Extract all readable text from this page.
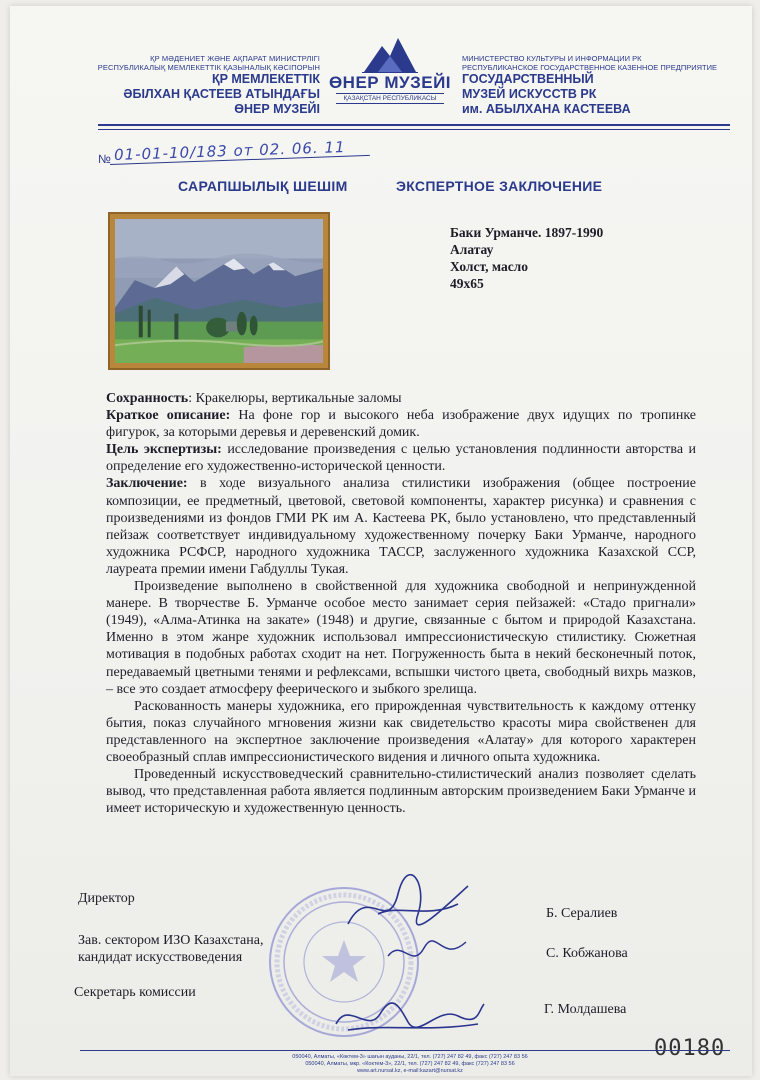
ҚР МӘДЕНИЕТ ЖӘНЕ АҚПАРАТ МИНИСТРЛІГІ
РЕСПУБЛИКАЛЫҚ МЕМЛЕКЕТТІК ҚАЗЫНАЛЫҚ КӘСІПОРЫН
ҚР МЕМЛЕКЕТТІК
ӘБІЛХАН ҚАСТЕЕВ АТЫНДАҒЫ
ӨНЕР МУЗЕЙІ
ӨНЕР МУЗЕЙІ
ҚАЗАҚСТАН РЕСПУБЛИКАСЫ
МИНИСТЕРСТВО КУЛЬТУРЫ И ИНФОРМАЦИИ РК
РЕСПУБЛИКАНСКОЕ ГОСУДАРСТВЕННОЕ КАЗЕННОЕ ПРЕДПРИЯТИЕ
ГОСУДАРСТВЕННЫЙ
МУЗЕЙ ИСКУССТВ РК
им. АБЫЛХАНА КАСТЕЕВА
№ 01-01-10/183 от 02. 06. 11
САРАПШЫЛЫҚ ШЕШІМ	ЭКСПЕРТНОЕ ЗАКЛЮЧЕНИЕ
Баки Урманче. 1897-1990
Алатау
Холст, масло
49х65

Сохранность: Кракелюры, вертикальные заломы

Краткое описание: На фоне гор и высокого неба изображение двух идущих по тропинке фигурок, за которыми деревья и деревенский домик.

Цель экспертизы: исследование произведения с целью установления подлинности авторства и определение его художественно-исторической ценности.

Заключение: в ходе визуального анализа стилистики изображения (общее построение композиции, ее предметный, цветовой, световой компоненты, характер рисунка) и сравнения с произведениями из фондов ГМИ РК им А. Кастеева РК, было установлено, что представленный пейзаж соответствует индивидуальному художественному почерку Баки Урманче, народного художника РСФСР, народного художника ТАССР, заслуженного художника Казахской ССР, лауреата премии имени Габдуллы Тукая.

Произведение выполнено в свойственной для художника свободной и непринужденной манере. В творчестве Б. Урманче особое место занимает серия пейзажей: «Стадо пригнали» (1949), «Алма-Атинка на закате» (1948) и другие, связанные с бытом и природой Казахстана. Именно в этом жанре художник использовал импрессионистическую стилистику. Сюжетная мотивация в подобных работах сходит на нет. Погруженность быта в некий бесконечный поток, передаваемый цветными тенями и рефлексами, вспышки чистого цвета, свободный вихрь мазков, – все это создает атмосферу феерического и зыбкого зрелища.

Раскованность манеры художника, его прирожденная чувствительность к каждому оттенку бытия, показ случайного мгновения жизни как свидетельство красоты мира свойственен для представленного на экспертное заключение произведения «Алатау» для которого характерен своеобразный сплав импрессионистического видения и личного опыта художника.

Проведенный искусствоведческий сравнительно-стилистический анализ позволяет сделать вывод, что представленная работа является подлинным авторским произведением Баки Урманче и имеет историческую и художественную ценность.

Директор
Б. Сералиев
Зав. сектором ИЗО Казахстана,
кандидат искусствоведения	С. Кобжанова
Секретарь комиссии
Г. Молдашева
00180
050040, Алматы, «Көктем-3» шағын ауданы, 22/1, тел. (727) 247 82 49, факс (727) 247 83 56
050040, Алматы, мкр. «Коктем-3», 22/1, тел. (727) 247 82 49, факс (727) 247 83 56
www.art.nursat.kz, e-mail:kazart@nursat.kz
